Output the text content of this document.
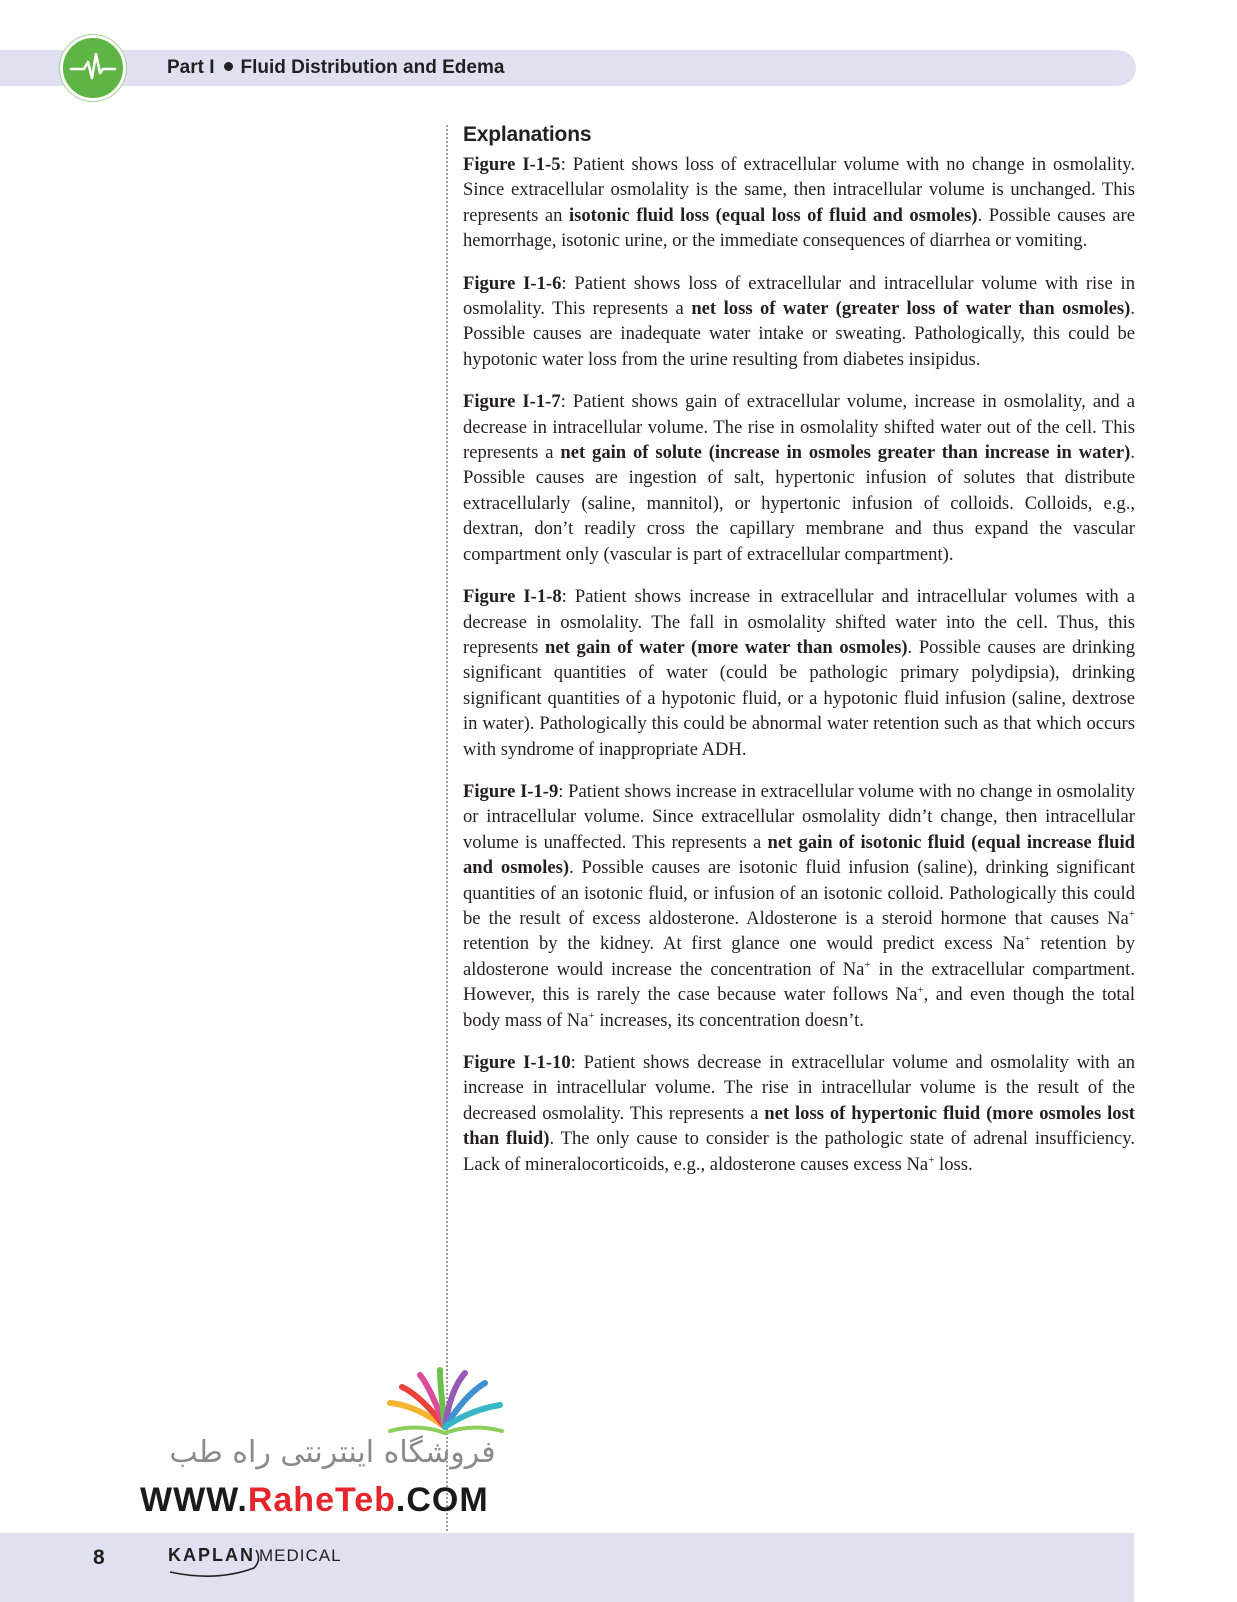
Part I Fluid Distribution and Edema
Explanations

Figure I-1-5: Patient shows loss of extracellular volume with no change in osmolality. Since extracellular osmolality is the same, then intracellular volume is unchanged. This represents an isotonic fluid loss (equal loss of fluid and osmoles). Possible causes are hemorrhage, isotonic urine, or the immediate consequences of diarrhea or vomiting.

Figure I-1-6: Patient shows loss of extracellular and intracellular volume with rise in osmolality. This represents a net loss of water (greater loss of water than osmoles). Possible causes are inadequate water intake or sweating. Pathologically, this could be hypotonic water loss from the urine resulting from diabetes insipidus.

Figure I-1-7: Patient shows gain of extracellular volume, increase in osmolality, and a decrease in intracellular volume. The rise in osmolality shifted water out of the cell. This represents a net gain of solute (increase in osmoles greater than increase in water). Possible causes are ingestion of salt, hypertonic infusion of solutes that distribute extracellularly (saline, mannitol), or hypertonic infusion of colloids. Colloids, e.g., dextran, don’t readily cross the capillary membrane and thus expand the vascular compartment only (vascular is part of extracellular compartment).

Figure I-1-8: Patient shows increase in extracellular and intracellular volumes with a decrease in osmolality. The fall in osmolality shifted water into the cell. Thus, this represents net gain of water (more water than osmoles). Possible causes are drinking significant quantities of water (could be pathologic primary polydipsia), drinking significant quantities of a hypotonic fluid, or a hypotonic fluid infusion (saline, dextrose in water). Pathologically this could be abnormal water retention such as that which occurs with syndrome of inappropriate ADH.

Figure I-1-9: Patient shows increase in extracellular volume with no change in osmolality or intracellular volume. Since extracellular osmolality didn’t change, then intracellular volume is unaffected. This represents a net gain of isotonic fluid (equal increase fluid and osmoles). Possible causes are isotonic fluid infusion (saline), drinking significant quantities of an isotonic fluid, or infusion of an isotonic colloid. Pathologically this could be the result of excess aldosterone. Aldosterone is a steroid hormone that causes Na+ retention by the kidney. At first glance one would predict excess Na+ retention by aldosterone would increase the concentration of Na+ in the extracellular compartment. However, this is rarely the case because water follows Na+, and even though the total body mass of Na+ increases, its concentration doesn’t.

Figure I-1-10: Patient shows decrease in extracellular volume and osmolality with an increase in intracellular volume. The rise in intracellular volume is the result of the decreased osmolality. This represents a net loss of hypertonic fluid (more osmoles lost than fluid). The only cause to consider is the pathologic state of adrenal insufficiency. Lack of mineralocorticoids, e.g., aldosterone causes excess Na+ loss.

فروشگاه اینترنتی راه طب
WWW.RaheTeb.COM
8	KAPLAN MEDICAL
